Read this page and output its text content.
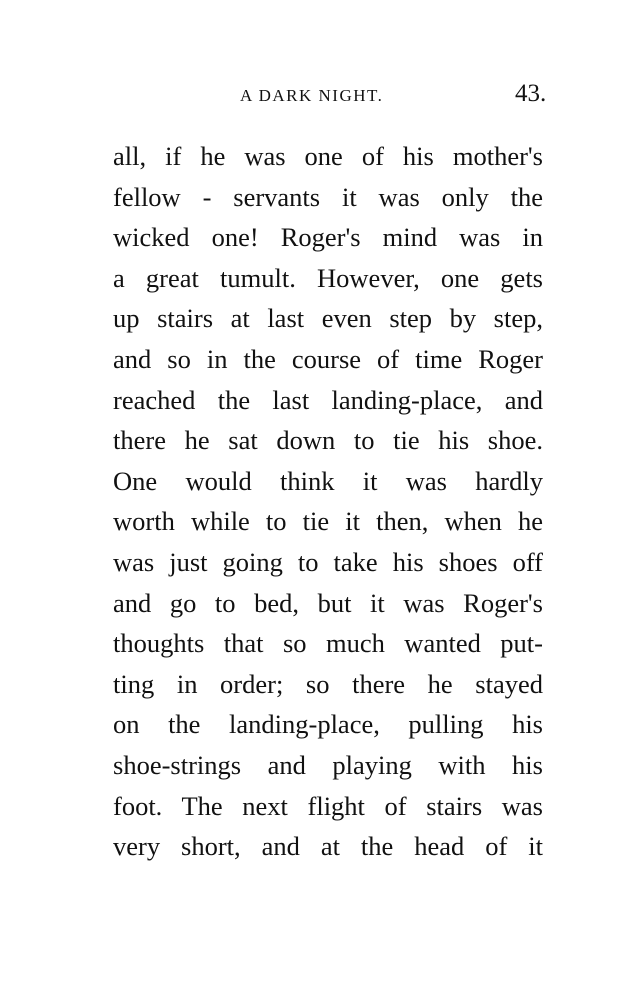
A DARK NIGHT.	43.
all, if he was one of his mother's
fellow - servants it was only the
wicked one! Roger's mind was in
a great tumult. However, one gets
up stairs at last even step by step,
and so in the course of time Roger
reached the last landing-place, and
there he sat down to tie his shoe.
One would think it was hardly
worth while to tie it then, when he
was just going to take his shoes off
and go to bed, but it was Roger's
thoughts that so much wanted put-
ting in order; so there he stayed
on the landing-place, pulling his
shoe-strings and playing with his
foot. The next flight of stairs was
very short, and at the head of it
